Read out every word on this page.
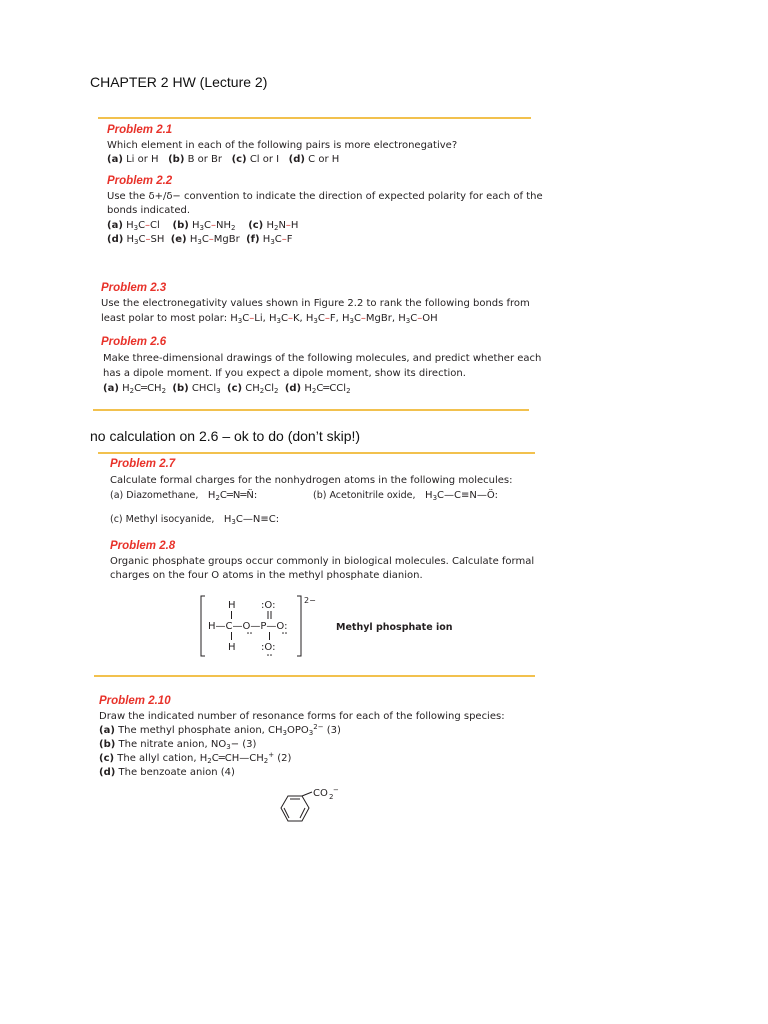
CHAPTER 2 HW (Lecture 2)
Problem 2.1
Which element in each of the following pairs is more electronegative?
(a) Li or H (b) B or Br (c) Cl or I (d) C or H
Problem 2.2
Use the δ+/δ− convention to indicate the direction of expected polarity for each of the
bonds indicated.
(a) $H_3C-Cl$    (b) $H_3C-NH_2$ (c) $H_2N-H$
(d) $H_3C-SH$  (e) $H_3C$–MgBr  (f) $H_3C-F$
Problem 2.3
Use the electronegativity values shown in Figure 2.2 to rank the following bonds from
least polar to most polar: $H_3C-Li$, $H_3C-K$, $H_3C-F$, $H_3C$–MgBr, $H_3C-OH$
Problem 2.6
Make three-dimensional drawings of the following molecules, and predict whether each
has a dipole moment. If you expect a dipole moment, show its direction.
(a) $H_2C═CH_2$ (b) CHCl$_3$ (c) $CH_2Cl_2$ (d) $H_2C═CCl_2$
no calculation on 2.6 – ok to do (don’t skip!)
Problem 2.7
Calculate formal charges for the nonhydrogen atoms in the following molecules:
(a) Diazomethane,   $H_2C═N═N̈$:	(b) Acetonitrile oxide,   $H_3C—C\equiv N—Ö$:
(c) Methyl isocyanide,   $H_3C—N\equiv C$:
Problem 2.8
Organic phosphate groups occur commonly in biological molecules. Calculate formal
charges on the four O atoms in the methyl phosphate dianion.
H
H—C—O—P—O:
H
:O:
:O:
2−
Methyl phosphate ion
Problem 2.10
Draw the indicated number of resonance forms for each of the following species:
(a) The methyl phosphate anion, $CH_3OPO_3^{2-}$ (3)
(b) The nitrate anion, $NO_3- (3)$
(c) The allyl cation, $H_2C═CH—CH_2^+$ (2)
(d) The benzoate anion (4)
CO 2
−
